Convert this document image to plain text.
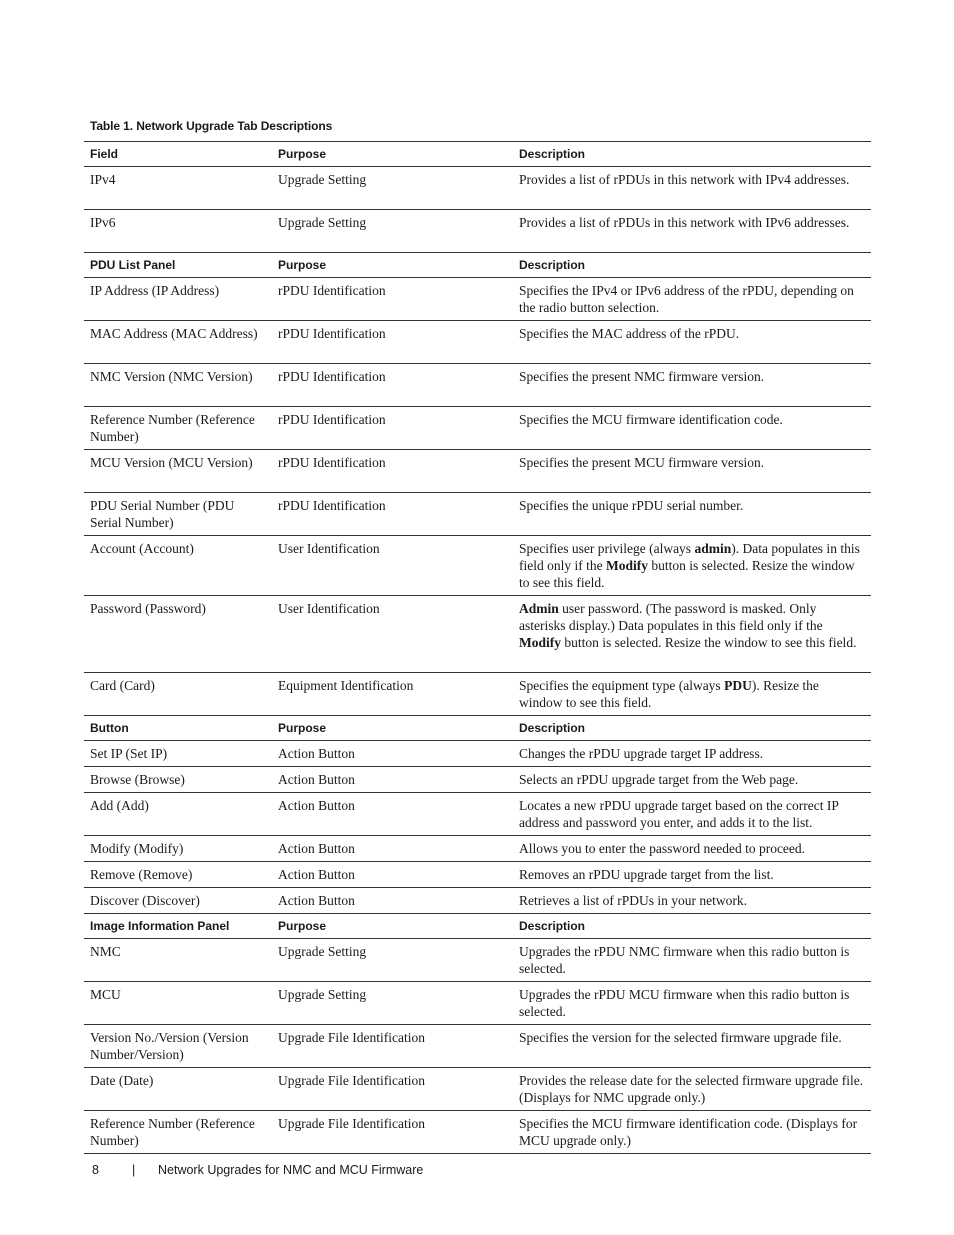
Table 1. Network Upgrade Tab Descriptions
Field	Purpose	Description
IPv4	Upgrade Setting	Provides a list of rPDUs in this network with IPv4 addresses.
IPv6	Upgrade Setting	Provides a list of rPDUs in this network with IPv6 addresses.
PDU List Panel	Purpose	Description
IP Address (IP Address)	rPDU Identification	Specifies the IPv4 or IPv6 address of the rPDU, depending on the radio button selection.
MAC Address (MAC Address)	rPDU Identification	Specifies the MAC address of the rPDU.
NMC Version (NMC Version)	rPDU Identification	Specifies the present NMC firmware version.
Reference Number (Reference Number)	rPDU Identification	Specifies the MCU firmware identification code.
MCU Version (MCU Version)	rPDU Identification	Specifies the present MCU firmware version.
PDU Serial Number (PDU Serial Number)	rPDU Identification	Specifies the unique rPDU serial number.
Account (Account)	User Identification	Specifies user privilege (always admin). Data populates in this field only if the Modify button is selected. Resize the window to see this field.
Password (Password)	User Identification	Admin user password. (The password is masked. Only asterisks display.) Data populates in this field only if the Modify button is selected. Resize the window to see this field.
Card (Card)	Equipment Identification	Specifies the equipment type (always PDU). Resize the window to see this field.
Button	Purpose	Description
Set IP (Set IP)	Action Button	Changes the rPDU upgrade target IP address.
Browse (Browse)	Action Button	Selects an rPDU upgrade target from the Web page.
Add (Add)	Action Button	Locates a new rPDU upgrade target based on the correct IP address and password you enter, and adds it to the list.
Modify (Modify)	Action Button	Allows you to enter the password needed to proceed.
Remove (Remove)	Action Button	Removes an rPDU upgrade target from the list.
Discover (Discover)	Action Button	Retrieves a list of rPDUs in your network.
Image Information Panel	Purpose	Description
NMC	Upgrade Setting	Upgrades the rPDU NMC firmware when this radio button is selected.
MCU	Upgrade Setting	Upgrades the rPDU MCU firmware when this radio button is selected.
Version No./Version (Version Number/Version)	Upgrade File Identification	Specifies the version for the selected firmware upgrade file.
Date (Date)	Upgrade File Identification	Provides the release date for the selected firmware upgrade file. (Displays for NMC upgrade only.)
Reference Number (Reference Number)	Upgrade File Identification	Specifies the MCU firmware identification code. (Displays for MCU upgrade only.)
8	| Network Upgrades for NMC and MCU Firmware
